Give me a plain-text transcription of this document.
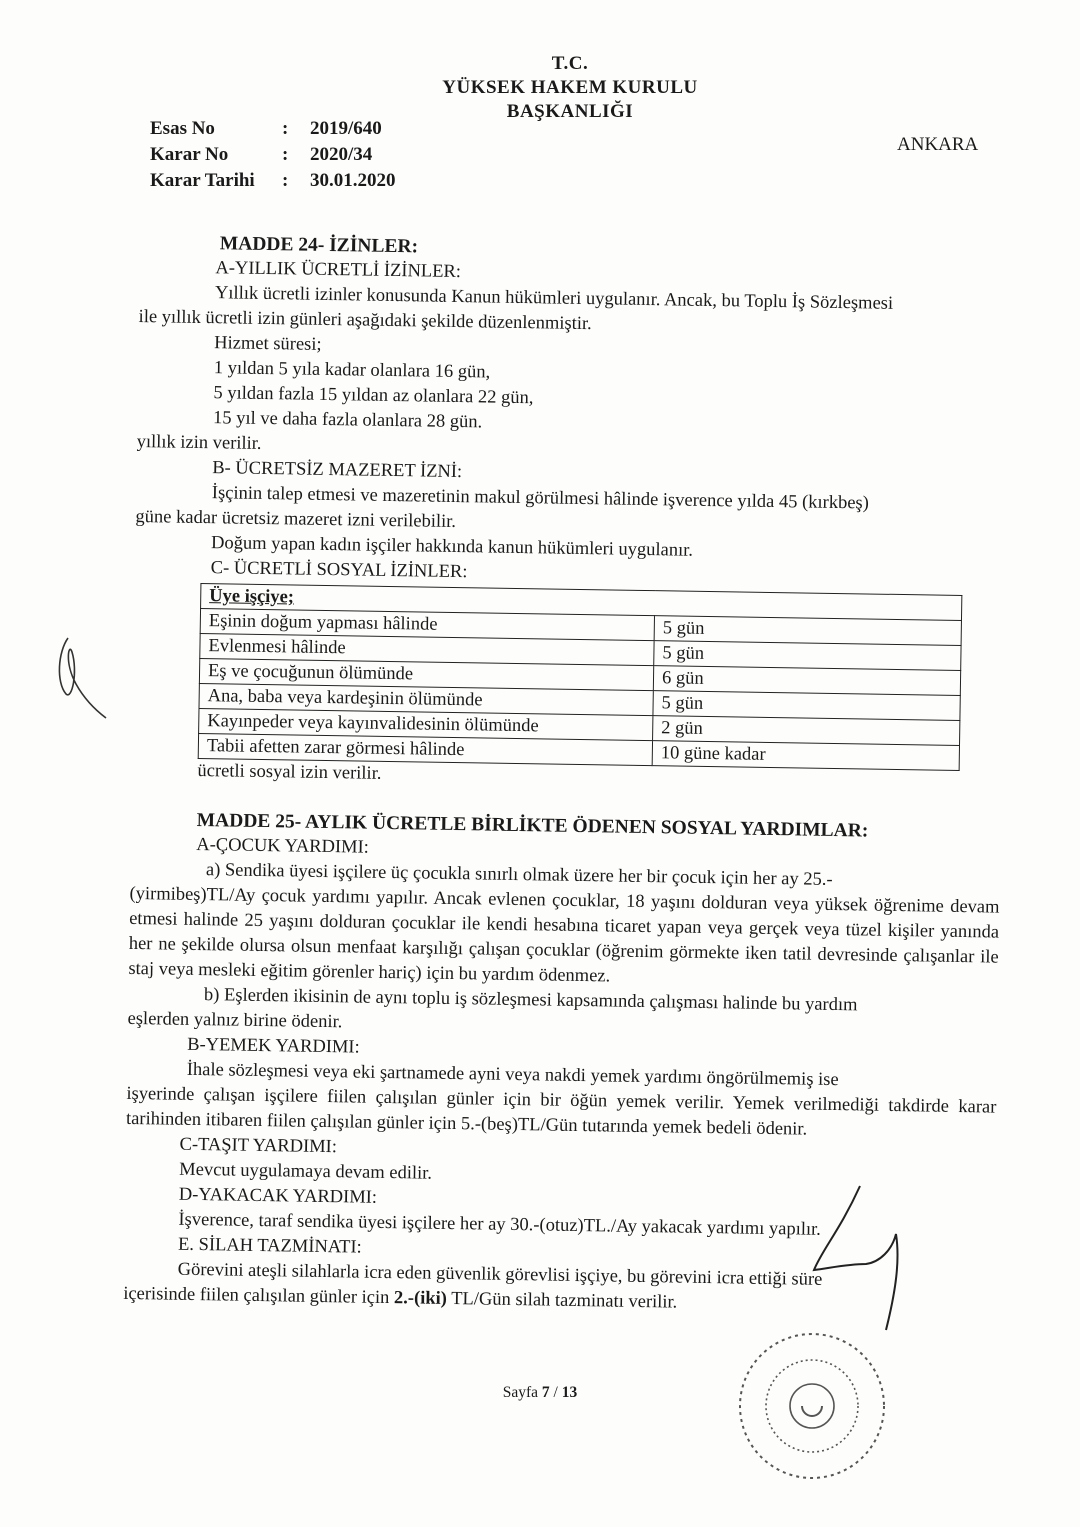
T.C.
YÜKSEK HAKEM KURULU
BAŞKANLIĞI
Esas No	:	2019/640
Karar No	:	2020/34
Karar Tarihi	:	30.01.2020
ANKARA
MADDE 24- İZİNLER:
A-YILLIK ÜCRETLİ İZİNLER:
Yıllık ücretli izinler konusunda Kanun hükümleri uygulanır. Ancak, bu Toplu İş Sözleşmesi
ile yıllık ücretli izin günleri aşağıdaki şekilde düzenlenmiştir.
Hizmet süresi;
1 yıldan 5 yıla kadar olanlara 16 gün,
5 yıldan fazla 15 yıldan az olanlara 22 gün,
15 yıl ve daha fazla olanlara 28 gün.
yıllık izin verilir.
B- ÜCRETSİZ MAZERET İZNİ:
İşçinin talep etmesi ve mazeretinin makul görülmesi hâlinde işverence yılda 45 (kırkbeş)
güne kadar ücretsiz mazeret izni verilebilir.
Doğum yapan kadın işçiler hakkında kanun hükümleri uygulanır.
C- ÜCRETLİ SOSYAL İZİNLER:
Üye işçiye;	
Eşinin doğum yapması hâlinde	5 gün
Evlenmesi hâlinde	5 gün
Eş ve çocuğunun ölümünde	6 gün
Ana, baba veya kardeşinin ölümünde	5 gün
Kayınpeder veya kayınvalidesinin ölümünde	2 gün
Tabii afetten zarar görmesi hâlinde	10 güne kadar
ücretli sosyal izin verilir.
MADDE 25- AYLIK ÜCRETLE BİRLİKTE ÖDENEN SOSYAL YARDIMLAR:
A-ÇOCUK YARDIMI:
a) Sendika üyesi işçilere üç çocukla sınırlı olmak üzere her bir çocuk için her ay 25.-
(yirmibeş)TL/Ay çocuk yardımı yapılır. Ancak evlenen çocuklar, 18 yaşını dolduran veya yüksek öğrenime devam etmesi halinde 25 yaşını dolduran çocuklar ile kendi hesabına ticaret yapan veya gerçek veya tüzel kişiler yanında her ne şekilde olursa olsun menfaat karşılığı çalışan çocuklar (öğrenim görmekte iken tatil devresinde çalışanlar ile staj veya mesleki eğitim görenler hariç) için bu yardım ödenmez.
b) Eşlerden ikisinin de aynı toplu iş sözleşmesi kapsamında çalışması halinde bu yardım
eşlerden yalnız birine ödenir.
B-YEMEK YARDIMI:
İhale sözleşmesi veya eki şartnamede ayni veya nakdi yemek yardımı öngörülmemiş ise
işyerinde çalışan işçilere fiilen çalışılan günler için bir öğün yemek verilir. Yemek verilmediği takdirde karar tarihinden itibaren fiilen çalışılan günler için 5.-(beş)TL/Gün tutarında yemek bedeli ödenir.
C-TAŞIT YARDIMI:
Mevcut uygulamaya devam edilir.
D-YAKACAK YARDIMI:
İşverence, taraf sendika üyesi işçilere her ay 30.-(otuz)TL./Ay yakacak yardımı yapılır.
E. SİLAH TAZMİNATI:
Görevini ateşli silahlarla icra eden güvenlik görevlisi işçiye, bu görevini icra ettiği süre
içerisinde fiilen çalışılan günler için 2.-(iki) TL/Gün silah tazminatı verilir.
Sayfa 7 / 13
